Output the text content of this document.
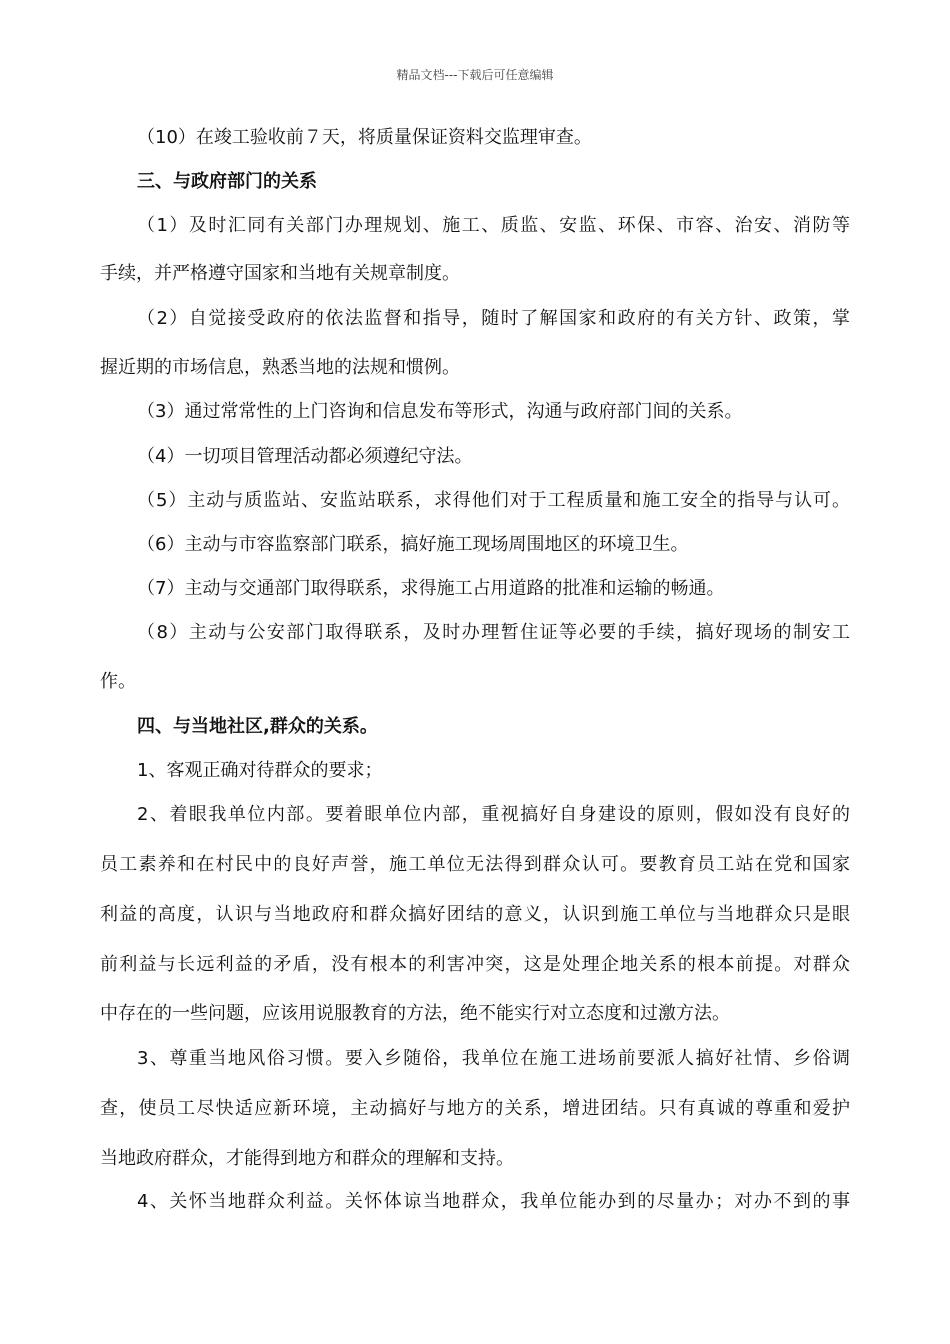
精品文档---下载后可任意编辑
（10）在竣工验收前７天，将质量保证资料交监理审查。
三、与政府部门的关系
（1）及时汇同有关部门办理规划、施工、质监、安监、环保、市容、治安、消防等
手续，并严格遵守国家和当地有关规章制度。
（2）自觉接受政府的依法监督和指导，随时了解国家和政府的有关方针、政策，掌
握近期的市场信息，熟悉当地的法规和惯例。
（3）通过常常性的上门咨询和信息发布等形式，沟通与政府部门间的关系。
（4）一切项目管理活动都必须遵纪守法。
（5）主动与质监站、安监站联系，求得他们对于工程质量和施工安全的指导与认可。
（6）主动与市容监察部门联系，搞好施工现场周围地区的环境卫生。
（7）主动与交通部门取得联系，求得施工占用道路的批准和运输的畅通。
（8）主动与公安部门取得联系，及时办理暂住证等必要的手续，搞好现场的制安工
作。
四、与当地社区,群众的关系。
1、客观正确对待群众的要求；
2、着眼我单位内部。要着眼单位内部，重视搞好自身建设的原则，假如没有良好的
员工素养和在村民中的良好声誉，施工单位无法得到群众认可。要教育员工站在党和国家
利益的高度，认识与当地政府和群众搞好团结的意义，认识到施工单位与当地群众只是眼
前利益与长远利益的矛盾，没有根本的利害冲突，这是处理企地关系的根本前提。对群众
中存在的一些问题，应该用说服教育的方法，绝不能实行对立态度和过激方法。
3、尊重当地风俗习惯。要入乡随俗，我单位在施工进场前要派人搞好社情、乡俗调
查，使员工尽快适应新环境，主动搞好与地方的关系，增进团结。只有真诚的尊重和爱护
当地政府群众，才能得到地方和群众的理解和支持。
4、关怀当地群众利益。关怀体谅当地群众，我单位能办到的尽量办；对办不到的事
